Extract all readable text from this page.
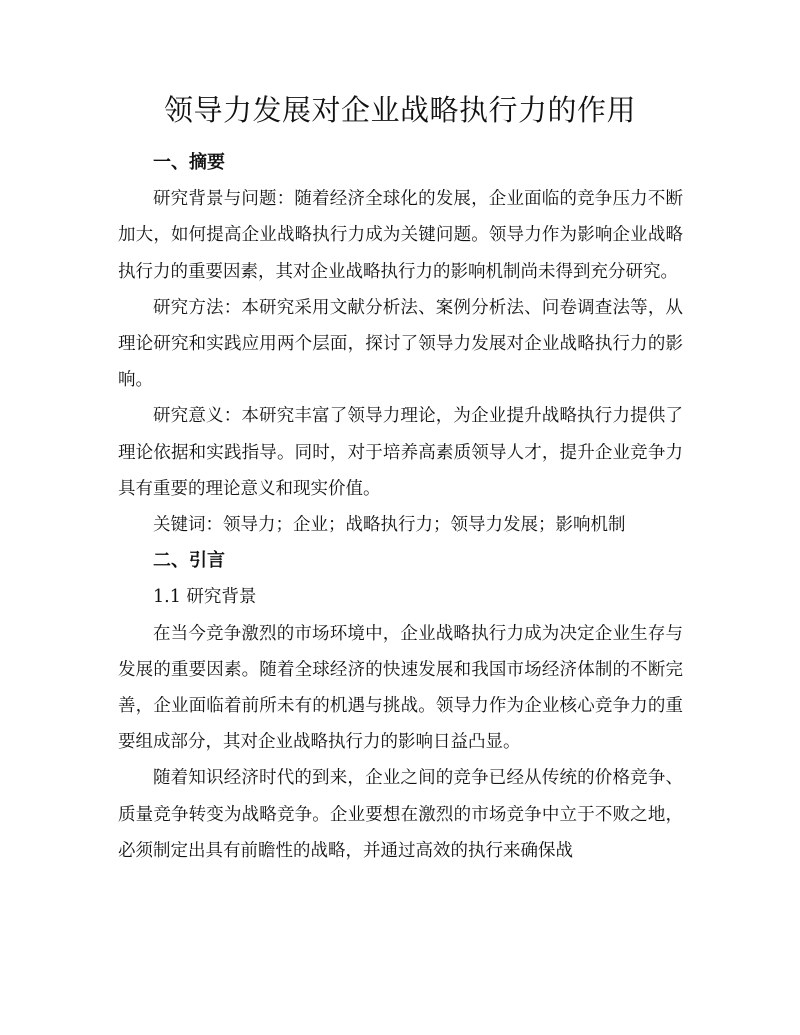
领导力发展对企业战略执行力的作用

一、摘要

研究背景与问题：随着经济全球化的发展，企业面临的竞争压力不断加大，如何提高企业战略执行力成为关键问题。领导力作为影响企业战略执行力的重要因素，其对企业战略执行力的影响机制尚未得到充分研究。

研究方法：本研究采用文献分析法、案例分析法、问卷调查法等，从理论研究和实践应用两个层面，探讨了领导力发展对企业战略执行力的影响。

研究意义：本研究丰富了领导力理论，为企业提升战略执行力提供了理论依据和实践指导。同时，对于培养高素质领导人才，提升企业竞争力具有重要的理论意义和现实价值。

关键词：领导力；企业；战略执行力；领导力发展；影响机制

二、引言

1.1 研究背景

在当今竞争激烈的市场环境中，企业战略执行力成为决定企业生存与发展的重要因素。随着全球经济的快速发展和我国市场经济体制的不断完善，企业面临着前所未有的机遇与挑战。领导力作为企业核心竞争力的重要组成部分，其对企业战略执行力的影响日益凸显。

随着知识经济时代的到来，企业之间的竞争已经从传统的价格竞争、质量竞争转变为战略竞争。企业要想在激烈的市场竞争中立于不败之地，必须制定出具有前瞻性的战略，并通过高效的执行来确保战
